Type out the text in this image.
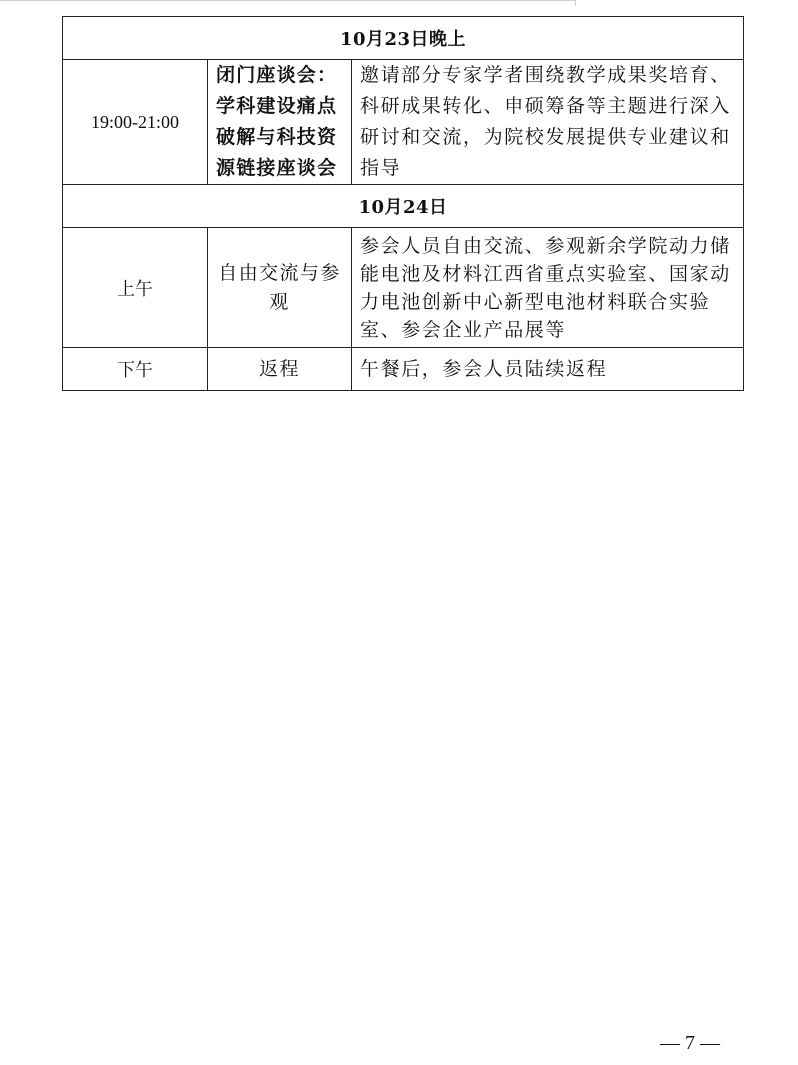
10月23日晚上		
19:00-21:00	闭门座谈会：学科建设痛点破解与科技资源链接座谈会	邀请部分专家学者围绕教学成果奖培育、科研成果转化、申硕筹备等主题进行深入研讨和交流，为院校发展提供专业建议和指导
10月24日		
上午	自由交流与参观	参会人员自由交流、参观新余学院动力储能电池及材料江西省重点实验室、国家动力电池创新中心新型电池材料联合实验室、参会企业产品展等
下午	返程	午餐后，参会人员陆续返程
— 7 —
